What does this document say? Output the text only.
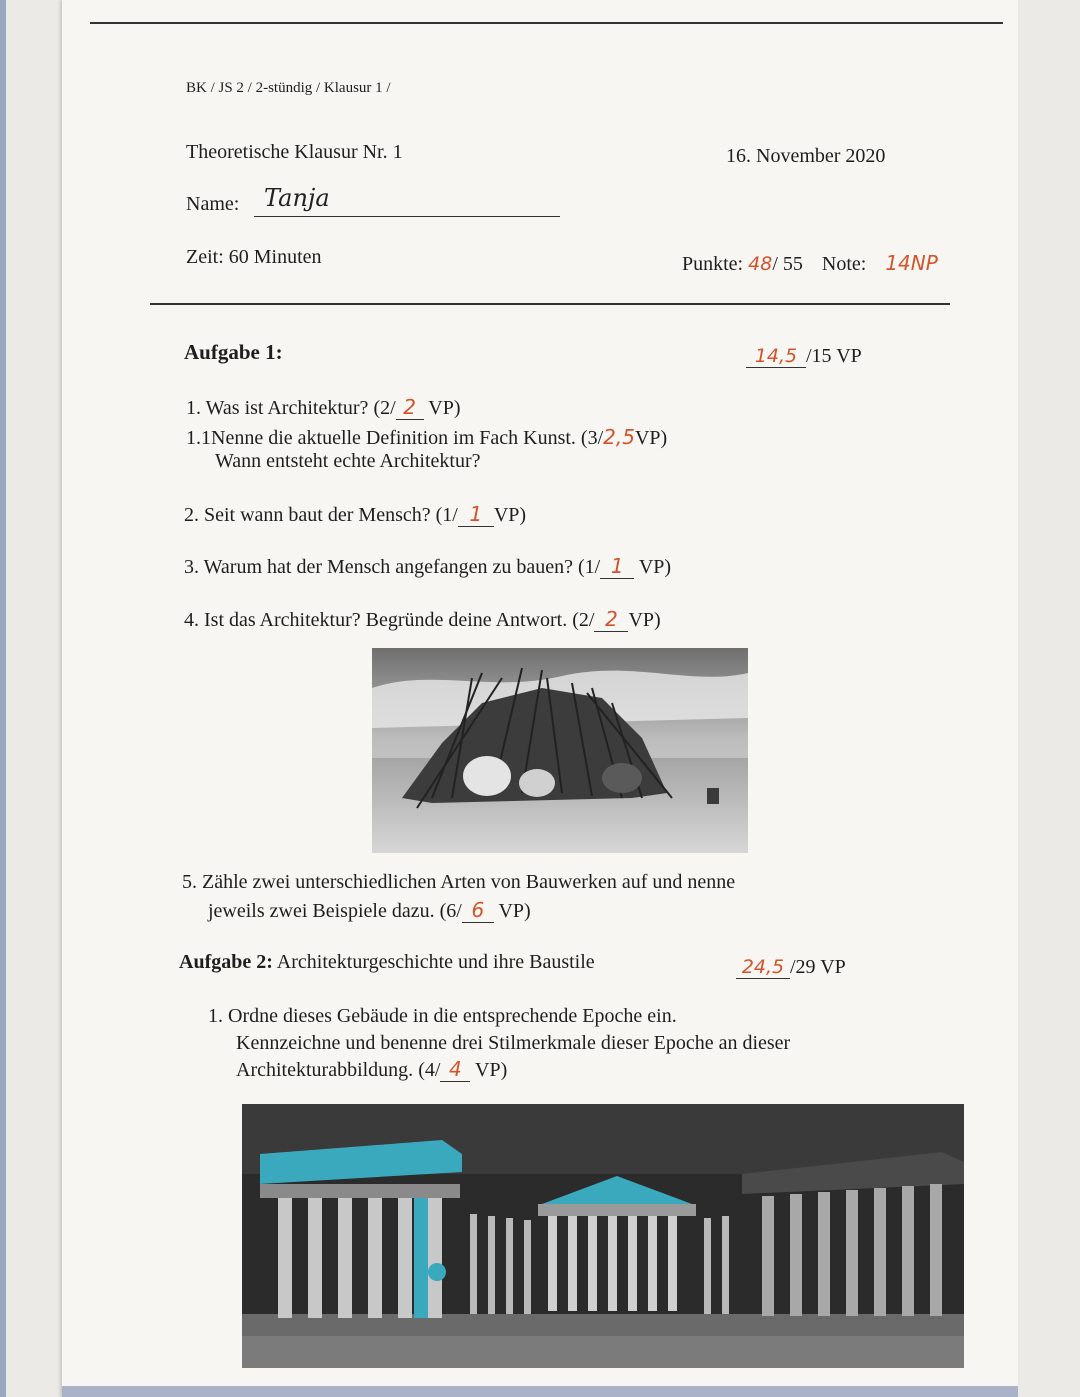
BK / JS 2 / 2-stündig / Klausur 1 /
Theoretische Klausur Nr. 1	16. November 2020
Name: Tanja
Zeit: 60 Minuten	Punkte: 48/ 55 Note: 14NP
Aufgabe 1:	14,5 /15 VP
1. Was ist Architektur? (2/ 2 VP)
1.1Nenne die aktuelle Definition im Fach Kunst. (3/2,5VP)
Wann entsteht echte Architektur?
2. Seit wann baut der Mensch? (1/ 1 VP)
3. Warum hat der Mensch angefangen zu bauen? (1/ 1 VP)
4. Ist das Architektur? Begründe deine Antwort. (2/ 2 VP)
5. Zähle zwei unterschiedlichen Arten von Bauwerken auf und nenne
jeweils zwei Beispiele dazu. (6/ 6 VP)
Aufgabe 2: Architekturgeschichte und ihre Baustile	24,5 /29 VP
1. Ordne dieses Gebäude in die entsprechende Epoche ein.
Kennzeichne und benenne drei Stilmerkmale dieser Epoche an dieser
Architekturabbildung. (4/ 4 VP)
